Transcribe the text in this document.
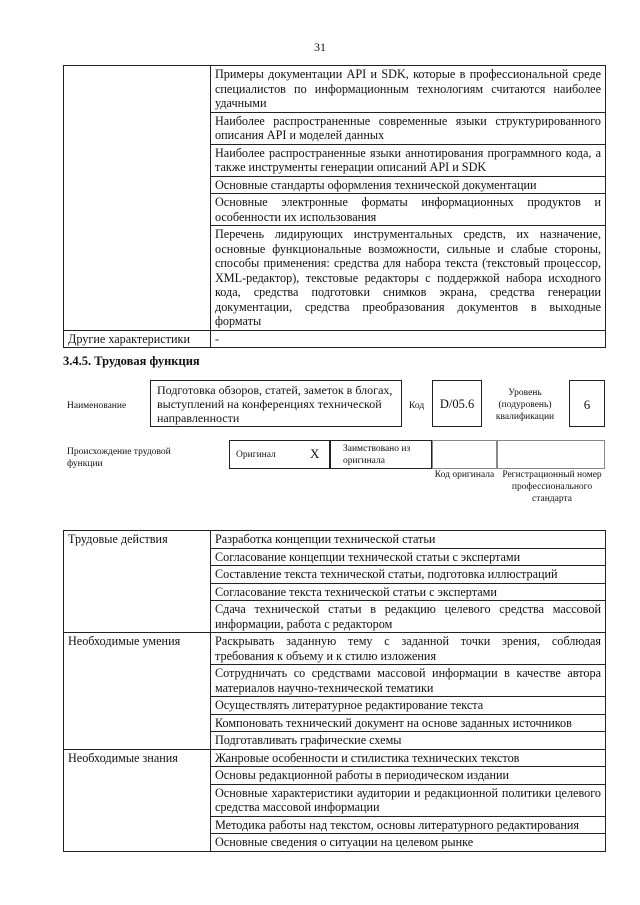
31
	Примеры документации API и SDK, которые в профессиональной среде специалистов по информационным технологиям считаются наиболее удачными
	Наиболее распространенные современные языки структурированного описания API и моделей данных
	Наиболее распространенные языки аннотирования программного кода, а также инструменты генерации описаний API и SDK
	Основные стандарты оформления технической документации
	Основные электронные форматы информационных продуктов и особенности их использования
	Перечень лидирующих инструментальных средств, их назначение, основные функциональные возможности, сильные и слабые стороны, способы применения: средства для набора текста (текстовый процессор, XML-редактор), текстовые редакторы с поддержкой набора исходного кода, средства подготовки снимков экрана, средства генерации документации, средства преобразования документов в выходные форматы
Другие характеристики	-
3.4.5. Трудовая функция
Наименование
Подготовка обзоров, статей, заметок в блогах, выступлений на конференциях технической направленности
Код	D/05.6
Уровень (подуровень) квалификации
6
Происхождение трудовой функции
Оригинал	X Заимствовано из оригинала
Код оригинала Регистрационный номер профессионального стандарта
Трудовые действия	Разработка концепции технической статьи
	Согласование концепции технической статьи с экспертами
	Составление текста технической статьи, подготовка иллюстраций
	Согласование текста технической статьи с экспертами
	Сдача технической статьи в редакцию целевого средства массовой информации, работа с редактором
Необходимые умения	Раскрывать заданную тему с заданной точки зрения, соблюдая требования к объему и к стилю изложения
	Сотрудничать со средствами массовой информации в качестве автора материалов научно-технической тематики
	Осуществлять литературное редактирование текста
	Компоновать технический документ на основе заданных источников
	Подготавливать графические схемы
Необходимые знания	Жанровые особенности и стилистика технических текстов
	Основы редакционной работы в периодическом издании
	Основные характеристики аудитории и редакционной политики целевого средства массовой информации
	Методика работы над текстом, основы литературного редактирования
	Основные сведения о ситуации на целевом рынке
